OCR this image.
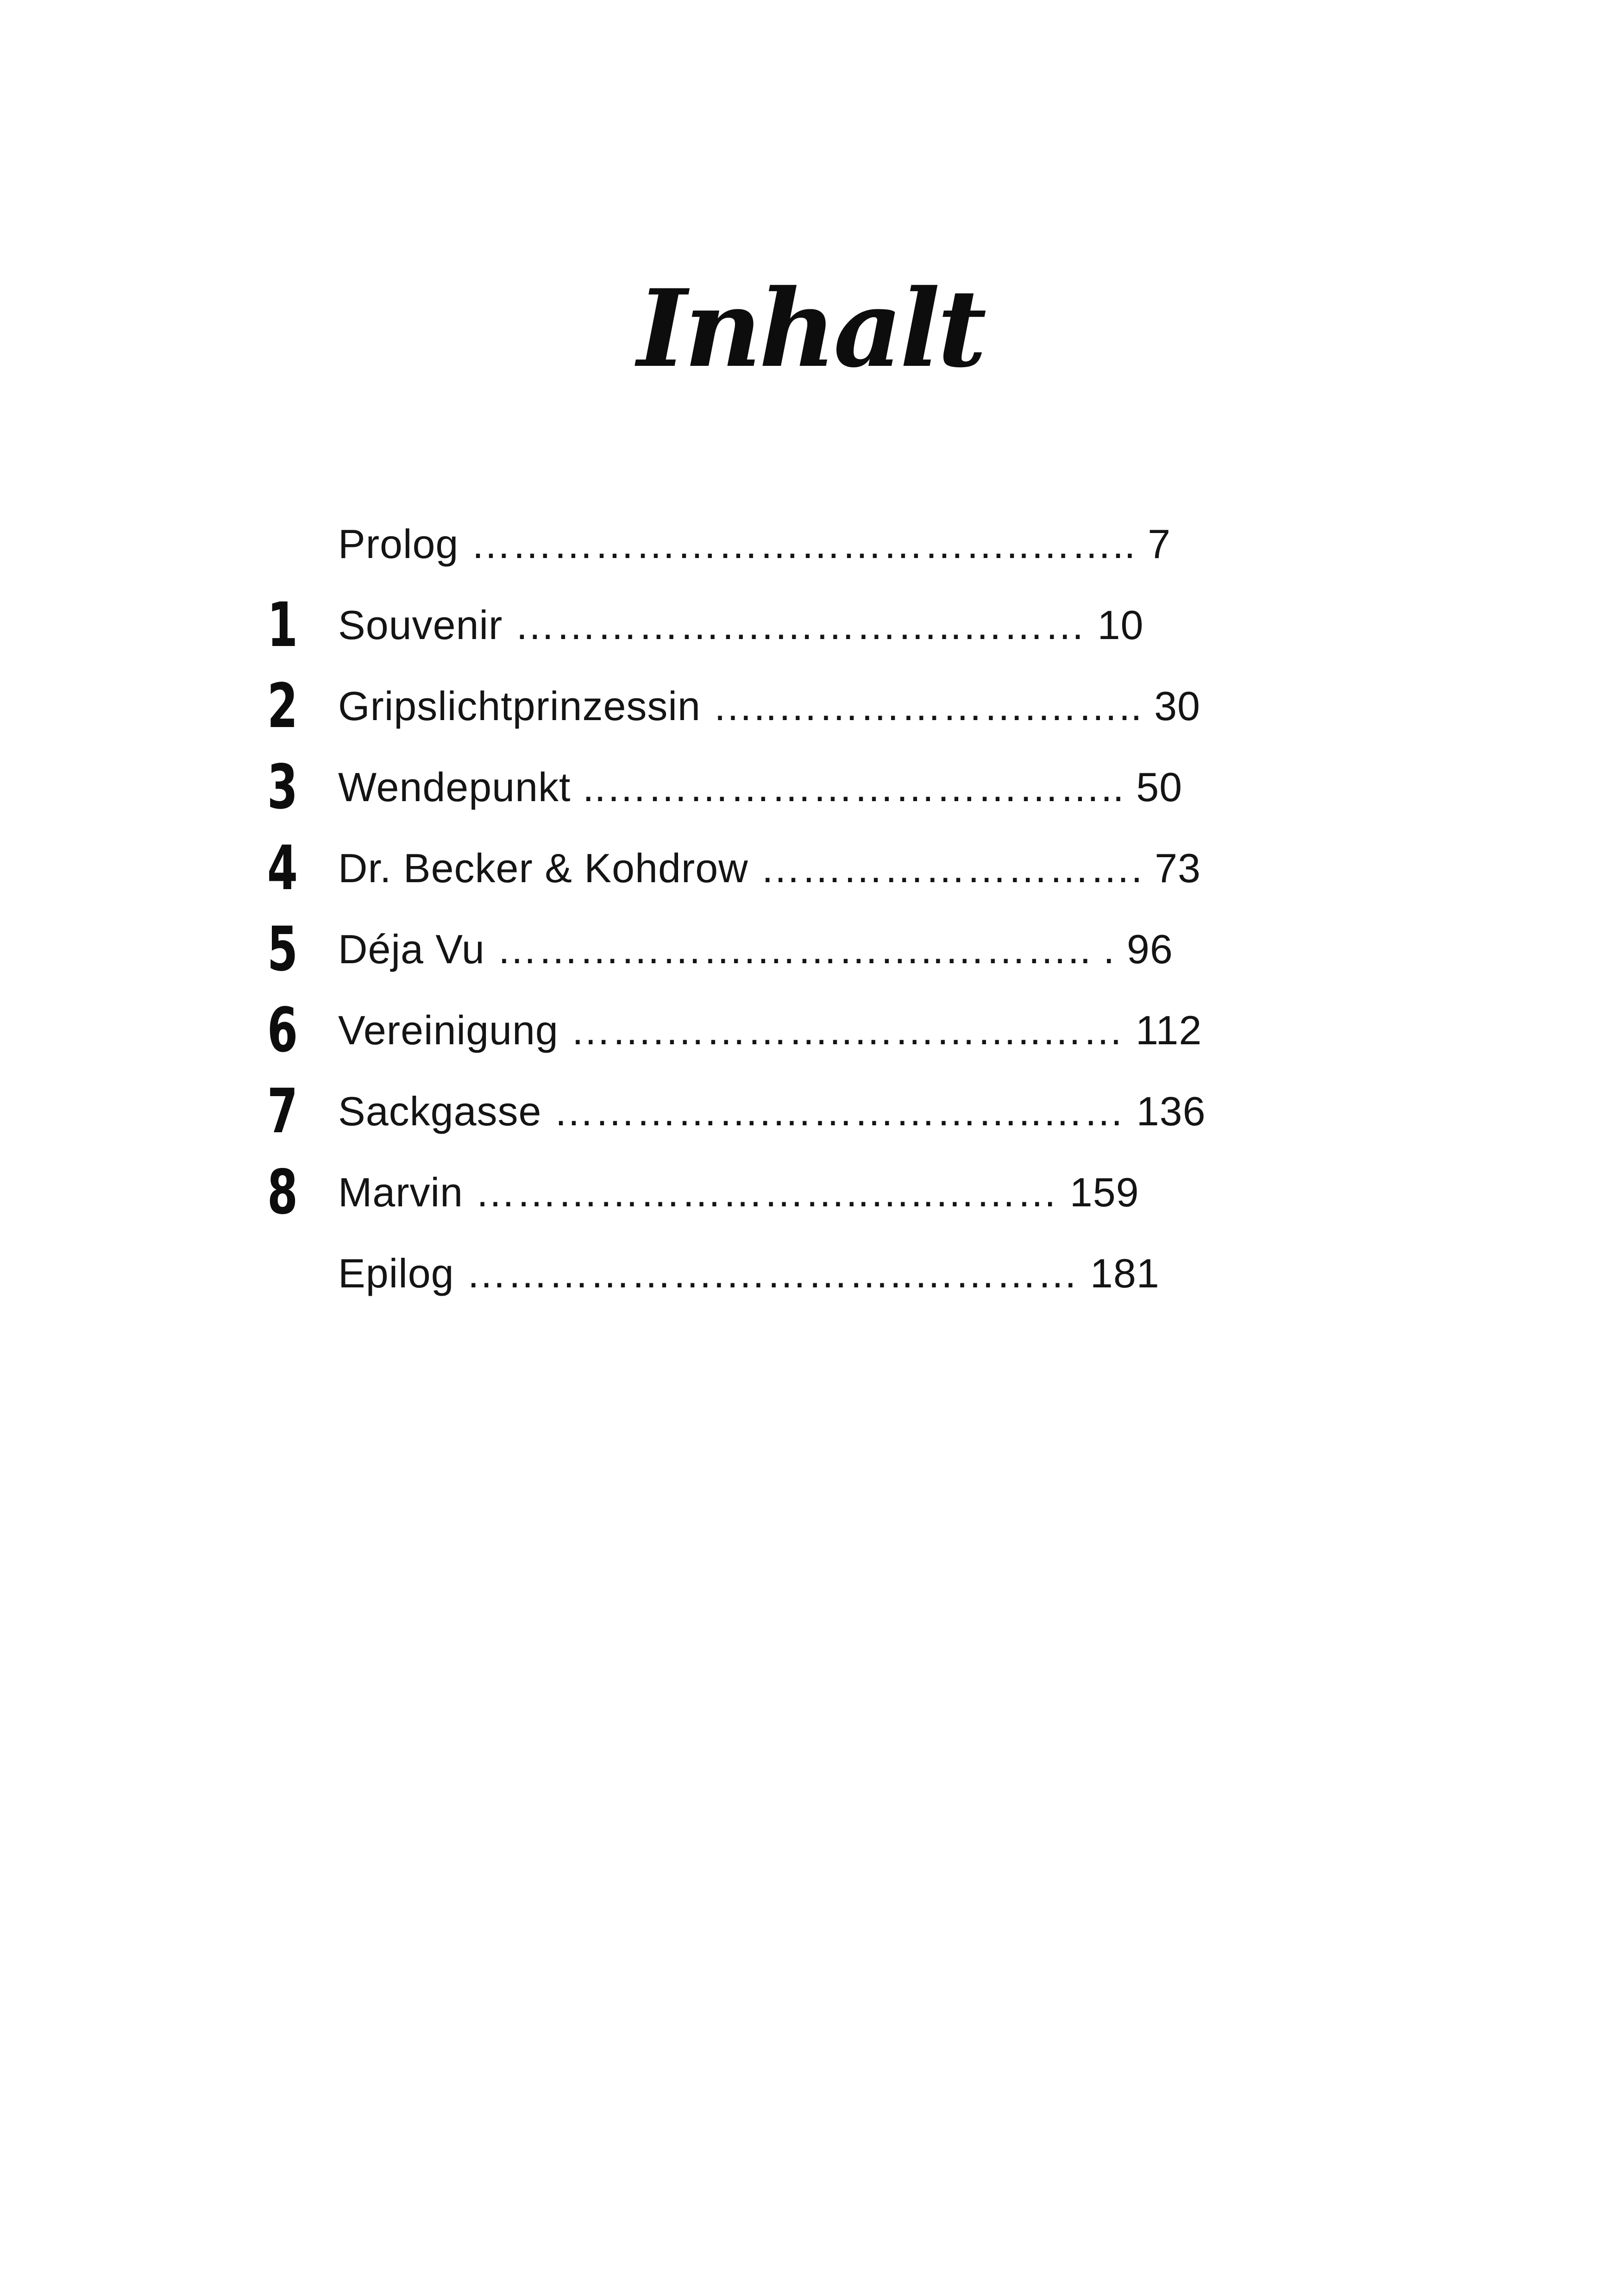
Inhalt
Prolog …………………………………..…….. 7
1 Souvenir ……………….…………..……… 10
2 Gripslichtprinzessin …..……………….…….. 30
3 Wendepunkt ..……………………………….. 50
4 Dr. Becker & Kohdrow ………………………. 73
5 Déja Vu ……………….…………..……….. . 96
6 Vereinigung …….…………..…………..…… 112
7 Sackgasse …………….………………..…… 136
8 Marvin ………………………..…..……… 159
Epilog ……………….…………..………… 181
